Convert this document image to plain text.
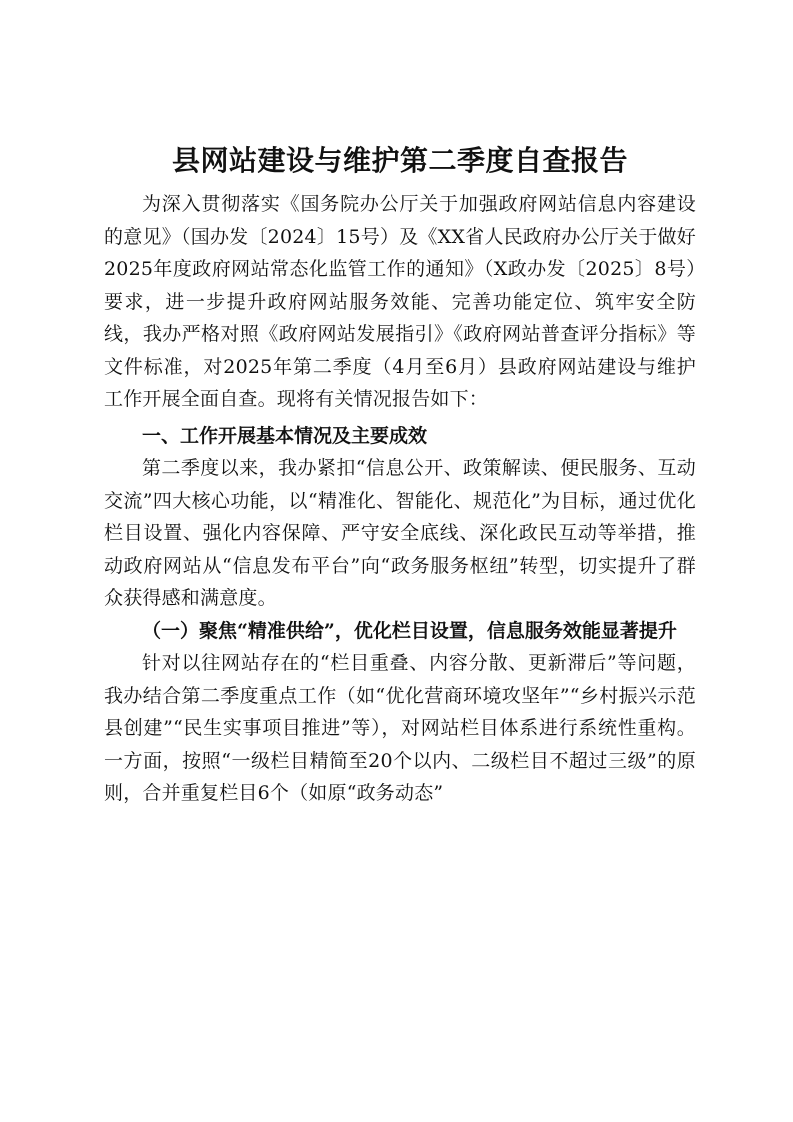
县网站建设与维护第二季度自查报告

为深入贯彻落实《国务院办公厅关于加强政府网站信息内容建设的意见》（国办发〔2024〕15号）及《XX省人民政府办公厅关于做好2025年度政府网站常态化监管工作的通知》（X政办发〔2025〕8号）要求，进一步提升政府网站服务效能、完善功能定位、筑牢安全防线，我办严格对照《政府网站发展指引》《政府网站普查评分指标》等文件标准，对2025年第二季度（4月至6月）县政府网站建设与维护工作开展全面自查。现将有关情况报告如下：

一、工作开展基本情况及主要成效

第二季度以来，我办紧扣“信息公开、政策解读、便民服务、互动交流”四大核心功能，以“精准化、智能化、规范化”为目标，通过优化栏目设置、强化内容保障、严守安全底线、深化政民互动等举措，推动政府网站从“信息发布平台”向“政务服务枢纽”转型，切实提升了群众获得感和满意度。

（一）聚焦“精准供给”，优化栏目设置，信息服务效能显著提升

针对以往网站存在的“栏目重叠、内容分散、更新滞后”等问题，我办结合第二季度重点工作（如“优化营商环境攻坚年”“乡村振兴示范县创建”“民生实事项目推进”等），对网站栏目体系进行系统性重构。一方面，按照“一级栏目精简至20个以内、二级栏目不超过三级”的原则，合并重复栏目6个（如原“政务动态”
